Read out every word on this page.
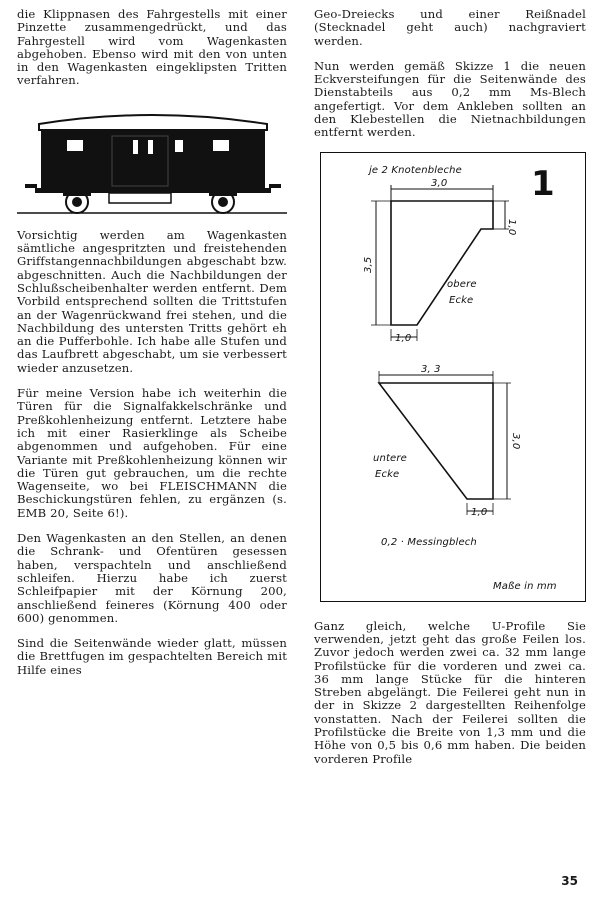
die Klippnasen des Fahrgestells mit einer Pinzette zusammengedrückt, und das Fahrgestell wird vom Wagenkasten abgehoben. Ebenso wird mit den von unten in den Wagenkasten eingeklipsten Tritten verfahren.

Vorsichtig werden am Wagenkasten sämtliche angespritzten und freistehenden Griffstangennachbildungen abgeschabt bzw. abgeschnitten. Auch die Nachbildungen der Schlußscheibenhalter werden entfernt. Dem Vorbild entsprechend sollten die Trittstufen an der Wagenrückwand frei stehen, und die Nachbildung des untersten Tritts gehört eh an die Pufferbohle. Ich habe alle Stufen und das Laufbrett abgeschabt, um sie verbessert wieder anzusetzen.

Für meine Version habe ich weiterhin die Türen für die Signalfakkelschränke und Preßkohlenheizung entfernt. Letztere habe ich mit einer Rasierklinge als Scheibe abgenommen und aufgehoben. Für eine Variante mit Preßkohlenheizung können wir die Türen gut gebrauchen, um die rechte Wagenseite, wo bei FLEISCHMANN die Beschickungstüren fehlen, zu ergänzen (s. EMB 20, Seite 6!).

Den Wagenkasten an den Stellen, an denen die Schrank- und Ofentüren gesessen haben, verspachteln und anschließend schleifen. Hierzu habe ich zuerst Schleifpapier mit der Körnung 200, anschließend feineres (Körnung 400 oder 600) genommen.

Sind die Seitenwände wieder glatt, müssen die Brettfugen im gespachtelten Bereich mit Hilfe eines

Geo-Dreiecks und einer Reißnadel (Stecknadel geht auch) nachgraviert werden.

Nun werden gemäß Skizze 1 die neuen Eckversteifungen für die Seitenwände des Dienstabteils aus 0,2 mm Ms-Blech angefertigt. Vor dem Ankleben sollten an den Klebestellen die Nietnachbildungen entfernt werden.

1
je 2 Knotenbleche
3,0
1,0
3,5
1,0
obere
Ecke
3, 3
3,0
1,0
untere
Ecke
0,2 · Messingblech
Maße in mm

Ganz gleich, welche U-Profile Sie verwenden, jetzt geht das große Feilen los. Zuvor jedoch werden zwei ca. 32 mm lange Profilstücke für die vorderen und zwei ca. 36 mm lange Stücke für die hinteren Streben abgelängt. Die Feilerei geht nun in der in Skizze 2 dargestellten Reihenfolge vonstatten. Nach der Feilerei sollten die Profilstücke die Breite von 1,3 mm und die Höhe von 0,5 bis 0,6 mm haben. Die beiden vorderen Profile

35
